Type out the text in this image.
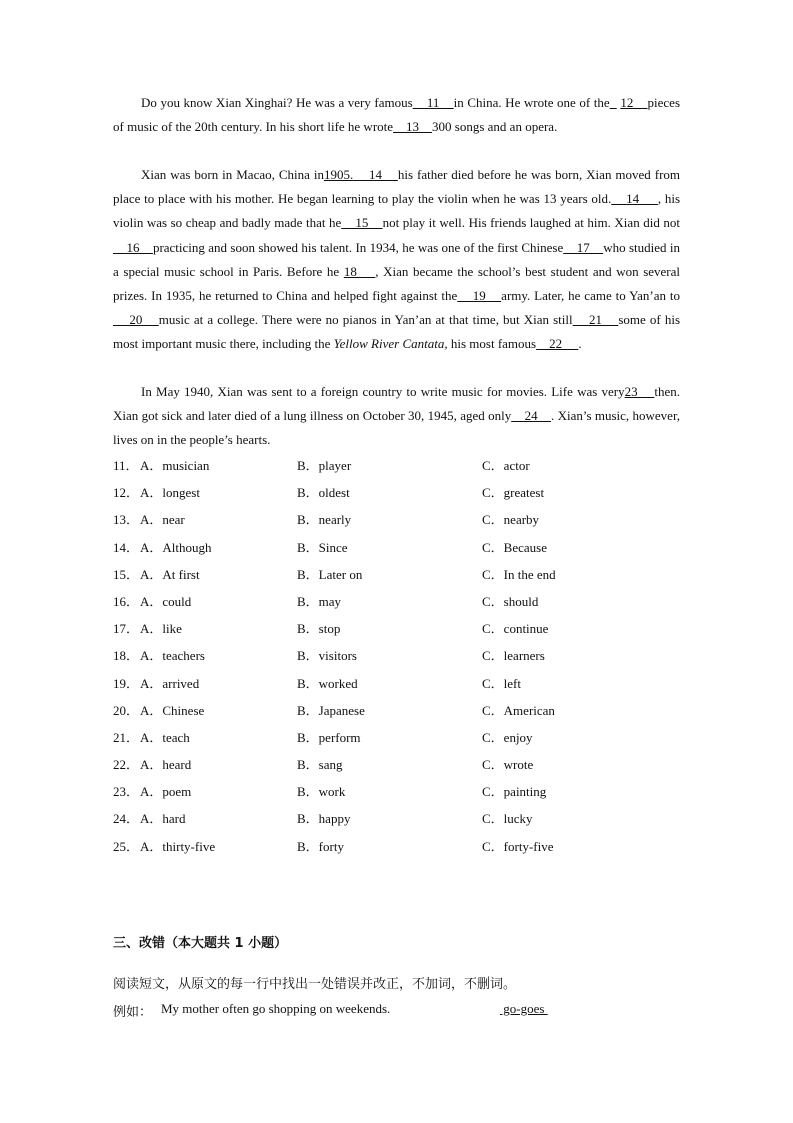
Do you know Xian Xinghai? He was a very famous    11    in China. He wrote one of the 12    pieces of music of the 20th century. In his short life he wrote    13    300 songs and an opera.

Xian was born in Macao, China in1905.    14    his father died before he was born, Xian moved from place to place with his mother. He began learning to play the violin when he was 13 years old.    14     , his violin was so cheap and badly made that he    15    not play it well. His friends laughed at him. Xian did not    16    practicing and soon showed his talent. In 1934, he was one of the first Chinese    17    who studied in a special music school in Paris. Before he 18    , Xian became the school’s best student and won several prizes. In 1935, he returned to China and helped fight against the    19    army. Later, he came to Yan’an to    20    music at a college. There were no pianos in Yan’an at that time, but Xian still    21    some of his most important music there, including the Yellow River Cantata, his most famous    22     .

In May 1940, Xian was sent to a foreign country to write music for movies. Life was very23    then. Xian got sick and later died of a lung illness on October 30, 1945, aged only    24    . Xian’s music, however, lives on in the people’s hearts.

11． A．musician	B．player	C．actor
12． A．longest	B．oldest	C．greatest
13． A．near	B．nearly	C．nearby
14． A．Although	B．Since	C．Because
15． A．At first	B．Later on	C．In the end
16． A．could	B．may	C．should
17． A．like	B．stop	C．continue
18． A．teachers	B．visitors	C．learners
19． A．arrived	B．worked	C．left
20． A．Chinese	B．Japanese	C．American
21． A．teach	B．perform	C．enjoy
22． A．heard	B．sang	C．wrote
23． A．poem	B．work	C．painting
24． A．hard	B．happy	C．lucky
25． A．thirty-five	B．forty	C．forty-five
三、改错（本大题共 1 小题）
阅读短文，从原文的每一行中找出一处错误并改正，不加词，不删词。
例如： My mother often go shopping on weekends.	go-goes
